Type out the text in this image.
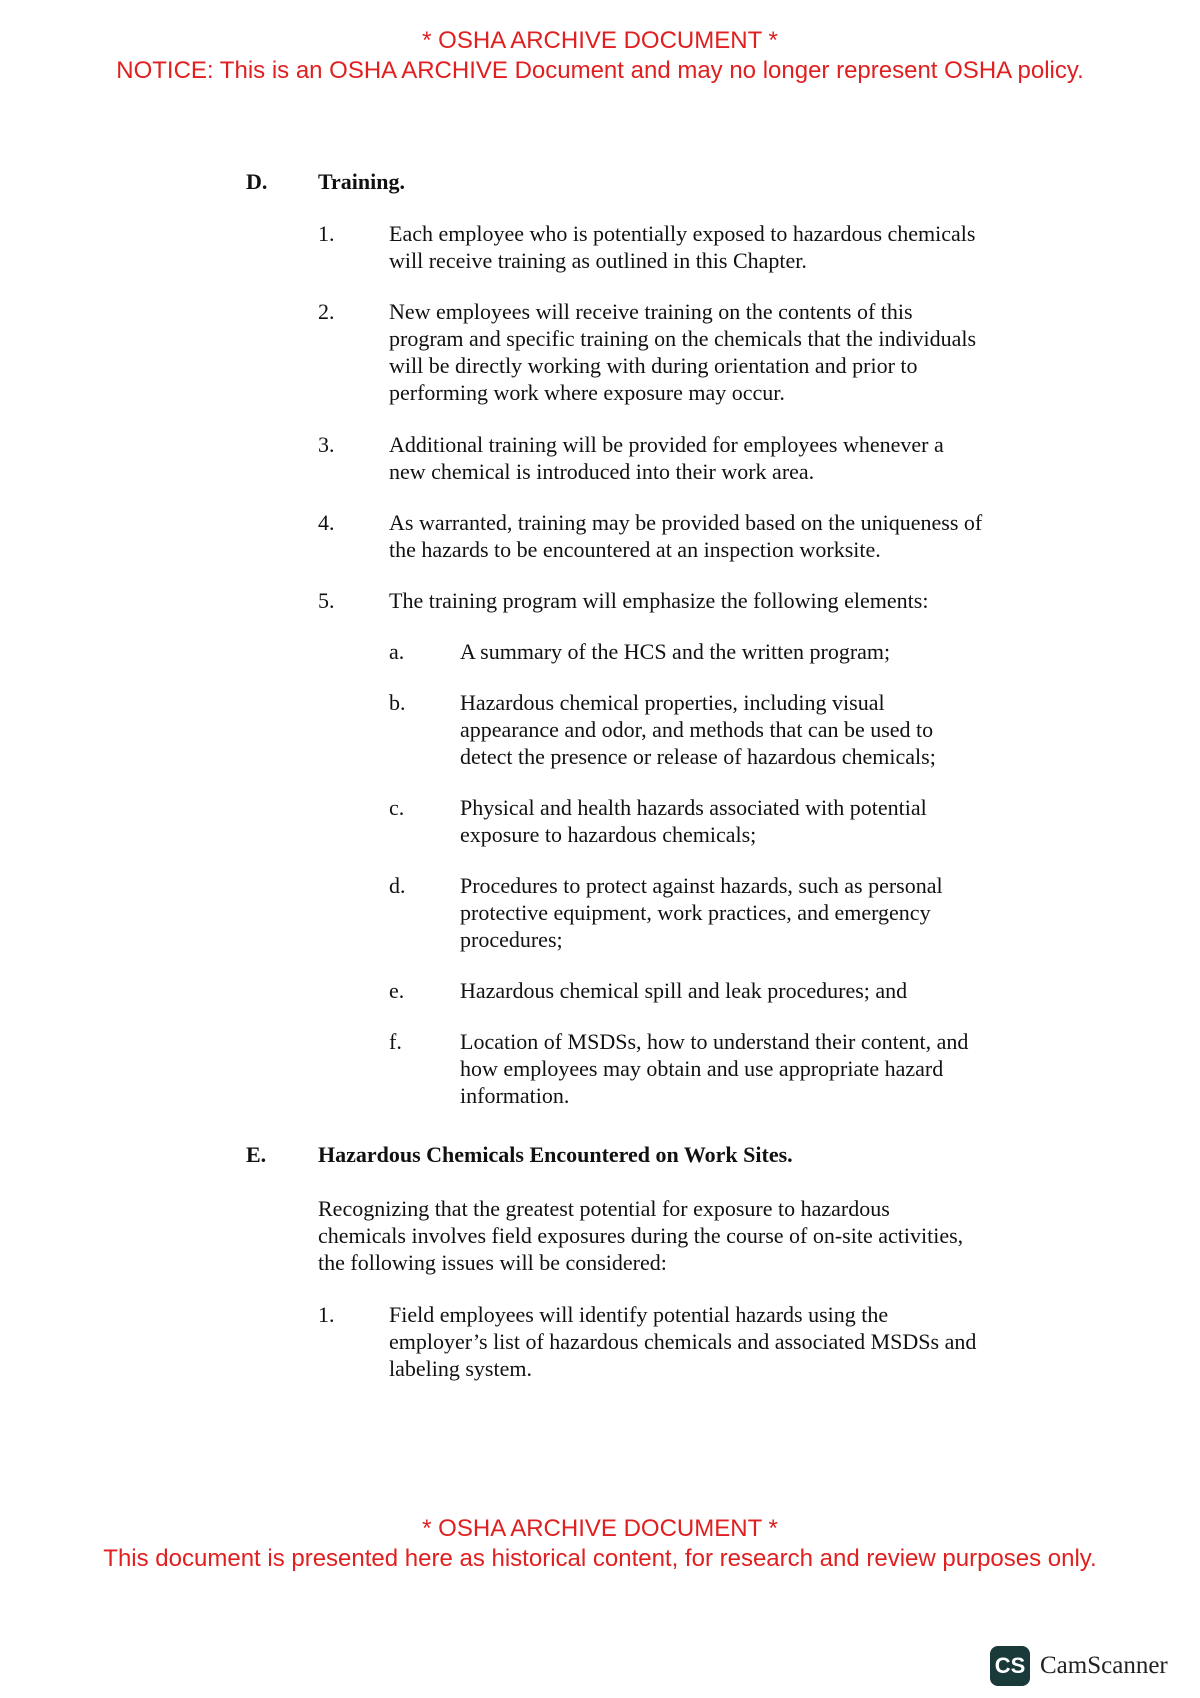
* OSHA ARCHIVE DOCUMENT *
NOTICE: This is an OSHA ARCHIVE Document and may no longer represent OSHA policy.
D. Training.
1. Each employee who is potentially exposed to hazardous chemicals
will receive training as outlined in this Chapter.
2. New employees will receive training on the contents of this
program and specific training on the chemicals that the individuals
will be directly working with during orientation and prior to
performing work where exposure may occur.
3. Additional training will be provided for employees whenever a
new chemical is introduced into their work area.
4. As warranted, training may be provided based on the uniqueness of
the hazards to be encountered at an inspection worksite.
5. The training program will emphasize the following elements:
a.	A summary of the HCS and the written program;
b. Hazardous chemical properties, including visual
appearance and odor, and methods that can be used to
detect the presence or release of hazardous chemicals;
c.	Physical and health hazards associated with potential
exposure to hazardous chemicals;
d. Procedures to protect against hazards, such as personal
protective equipment, work practices, and emergency
procedures;
e.	Hazardous chemical spill and leak procedures; and
f.	Location of MSDSs, how to understand their content, and
how employees may obtain and use appropriate hazard
information.
E. Hazardous Chemicals Encountered on Work Sites.
Recognizing that the greatest potential for exposure to hazardous
chemicals involves field exposures during the course of on-site activities,
the following issues will be considered:
1. Field employees will identify potential hazards using the
employer’s list of hazardous chemicals and associated MSDSs and
labeling system.
* OSHA ARCHIVE DOCUMENT *
This document is presented here as historical content, for research and review purposes only.
CS CamScanner
